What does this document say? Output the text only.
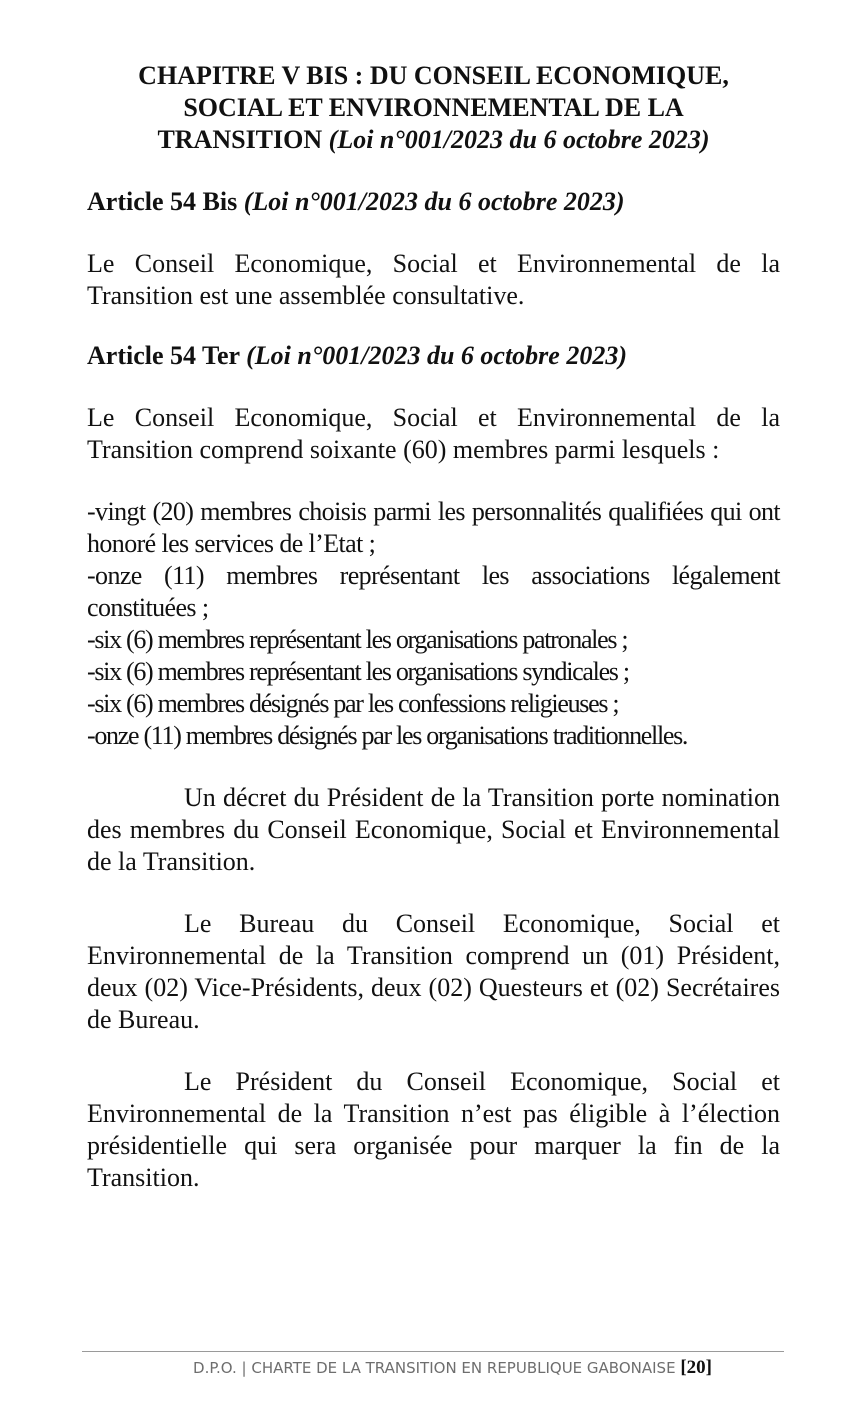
CHAPITRE V BIS : DU CONSEIL ECONOMIQUE,
SOCIAL ET ENVIRONNEMENTAL DE LA
TRANSITION (Loi n°001/2023 du 6 octobre 2023)
Article 54 Bis (Loi n°001/2023 du 6 octobre 2023)

Le Conseil Economique, Social et Environnemental de la Transition est une assemblée consultative.

Article 54 Ter (Loi n°001/2023 du 6 octobre 2023)

Le Conseil Economique, Social et Environnemental de la Transition comprend soixante (60) membres parmi lesquels :

-vingt (20) membres choisis parmi les personnalités qualifiées qui ont honoré les services de l’Etat ;

-onze (11) membres représentant les associations légalement constituées ;

-six (6) membres représentant les organisations patronales ;

-six (6) membres représentant les organisations syndicales ;

-six (6) membres désignés par les confessions religieuses ;

-onze (11) membres désignés par les organisations traditionnelles.

Un décret du Président de la Transition porte nomination des membres du Conseil Economique, Social et Environnemental de la Transition.

Le Bureau du Conseil Economique, Social et Environnemental de la Transition comprend un (01) Président, deux (02) Vice-Présidents, deux (02) Questeurs et (02) Secrétaires de Bureau.

Le Président du Conseil Economique, Social et Environnemental de la Transition n’est pas éligible à l’élection présidentielle qui sera organisée pour marquer la fin de la Transition.

D.P.O. | CHARTE DE LA TRANSITION EN REPUBLIQUE GABONAISE [20]
